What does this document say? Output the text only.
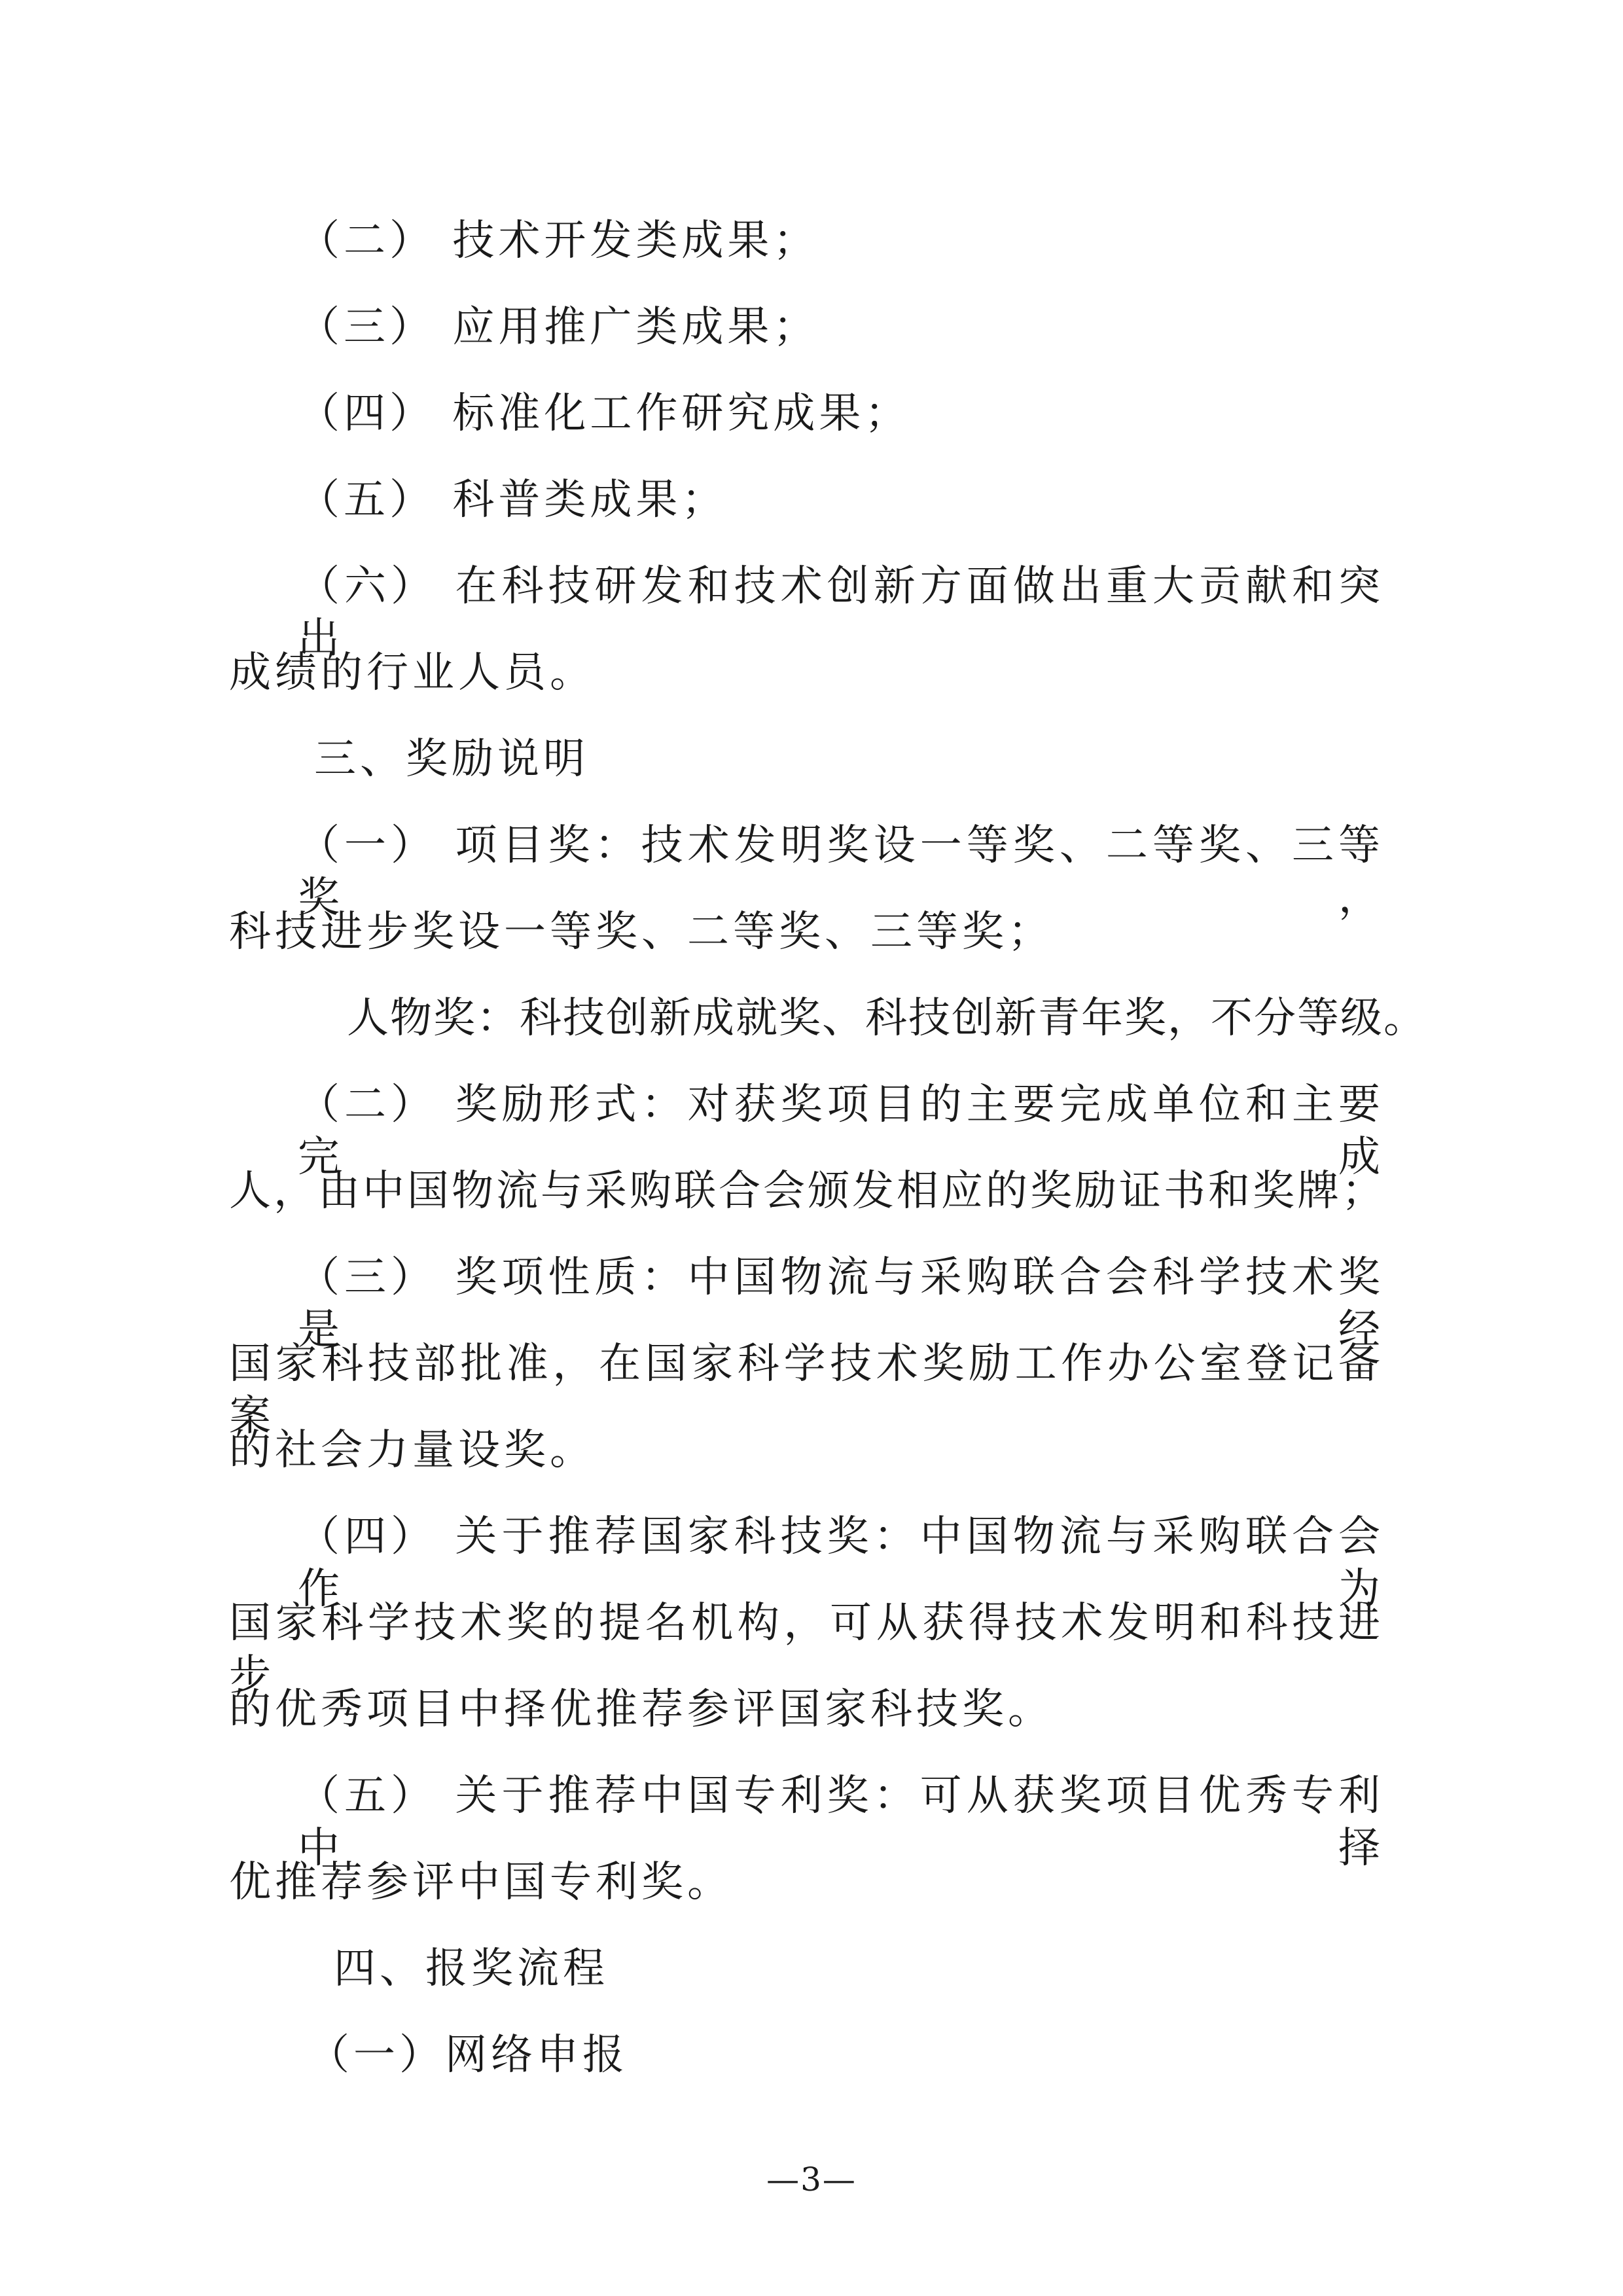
（二） 技术开发类成果；
（三） 应用推广类成果；
（四） 标准化工作研究成果；
（五） 科普类成果；
（六） 在科技研发和技术创新方面做出重大贡献和突出
成绩的行业人员。
三、奖励说明
（一） 项目奖：技术发明奖设一等奖、二等奖、三等奖，
科技进步奖设一等奖、二等奖、三等奖；
人物奖：科技创新成就奖、科技创新青年奖，不分等级。
（二） 奖励形式：对获奖项目的主要完成单位和主要完成
人，由中国物流与采购联合会颁发相应的奖励证书和奖牌；
（三） 奖项性质：中国物流与采购联合会科学技术奖是经
国家科技部批准，在国家科学技术奖励工作办公室登记备案
的社会力量设奖。
（四） 关于推荐国家科技奖：中国物流与采购联合会作为
国家科学技术奖的提名机构，可从获得技术发明和科技进步
的优秀项目中择优推荐参评国家科技奖。
（五） 关于推荐中国专利奖：可从获奖项目优秀专利中择
优推荐参评中国专利奖。
四、报奖流程
（一）网络申报
—3—
